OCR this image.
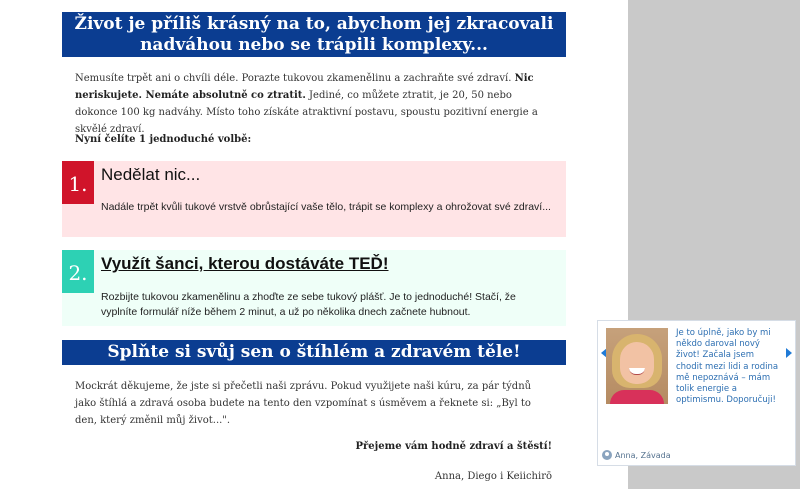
Život je příliš krásný na to, abychom jej zkracovali
nadváhou nebo se trápili komplexy...
Nemusíte trpět ani o chvíli déle. Porazte tukovou zkamenělinu a zachraňte své zdraví. Nic neriskujete. Nemáte absolutně co ztratit. Jediné, co můžete ztratit, je 20, 50 nebo dokonce 100 kg nadváhy. Místo toho získáte atraktivní postavu, spoustu pozitivní energie a skvělé zdraví.
Nyní čelíte 1 jednoduché volbě:
1. Nedělat nic...
Nadále trpět kvůli tukové vrstvě obrůstající vaše tělo, trápit se komplexy a ohrožovat své zdraví...
2. Využít šanci, kterou dostáváte TEĎ!
Rozbijte tukovou zkamenělinu a zhoďte ze sebe tukový plášť. Je to jednoduché! Stačí, že vyplníte formulář níže během 2 minut, a už po několika dnech začnete hubnout.
Splňte si svůj sen o štíhlém a zdravém těle!
Mockrát děkujeme, že jste si přečetli naši zprávu. Pokud využijete naši kúru, za pár týdnů jako štíhlá a zdravá osoba budete na tento den vzpomínat s úsměvem a řeknete si: „Byl to den, který změnil můj život...".
Přejeme vám hodně zdraví a štěstí!
Anna, Diego i Keiichirō
Je to úplně, jako by mi někdo daroval nový život! Začala jsem chodit mezi lidi a rodina mě nepoznává – mám tolik energie a optimismu. Doporučuji!
Anna, Závada
